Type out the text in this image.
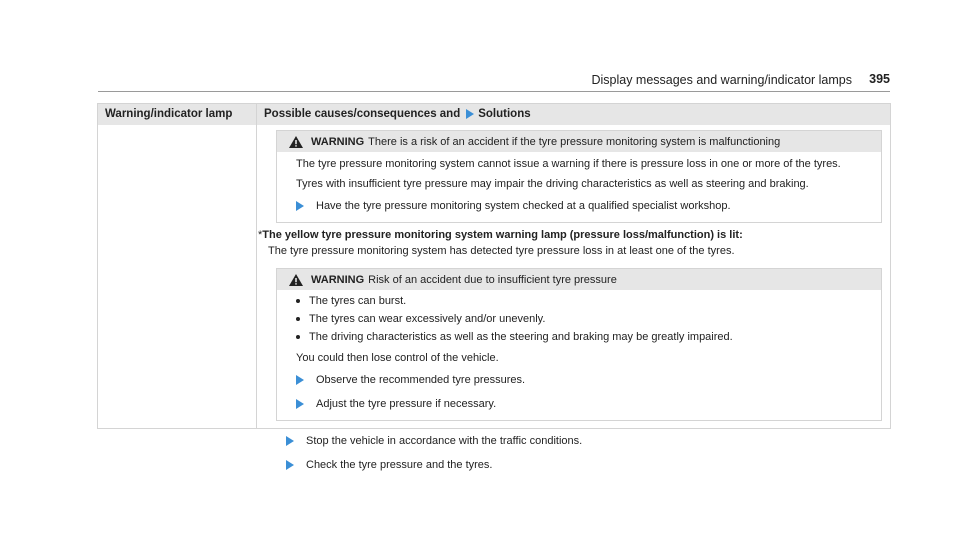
Display messages and warning/indicator lamps 395
Warning/indicator lamp	Possible causes/consequences and Solutions
WARNING There is a risk of an accident if the tyre pressure monitoring system is malfunctioning

The tyre pressure monitoring system cannot issue a warning if there is pressure loss in one or more of the tyres.

Tyres with insufficient tyre pressure may impair the driving characteristics as well as steering and braking.

Have the tyre pressure monitoring system checked at a qualified specialist workshop.
*The yellow tyre pressure monitoring system warning lamp (pressure loss/malfunction) is lit:
The tyre pressure monitoring system has detected tyre pressure loss in at least one of the tyres.
WARNING Risk of an accident due to insufficient tyre pressure
The tyres can burst.
The tyres can wear excessively and/or unevenly.
The driving characteristics as well as the steering and braking may be greatly impaired.

You could then lose control of the vehicle.

Observe the recommended tyre pressures.
Adjust the tyre pressure if necessary.
Stop the vehicle in accordance with the traffic conditions.
Check the tyre pressure and the tyres.
